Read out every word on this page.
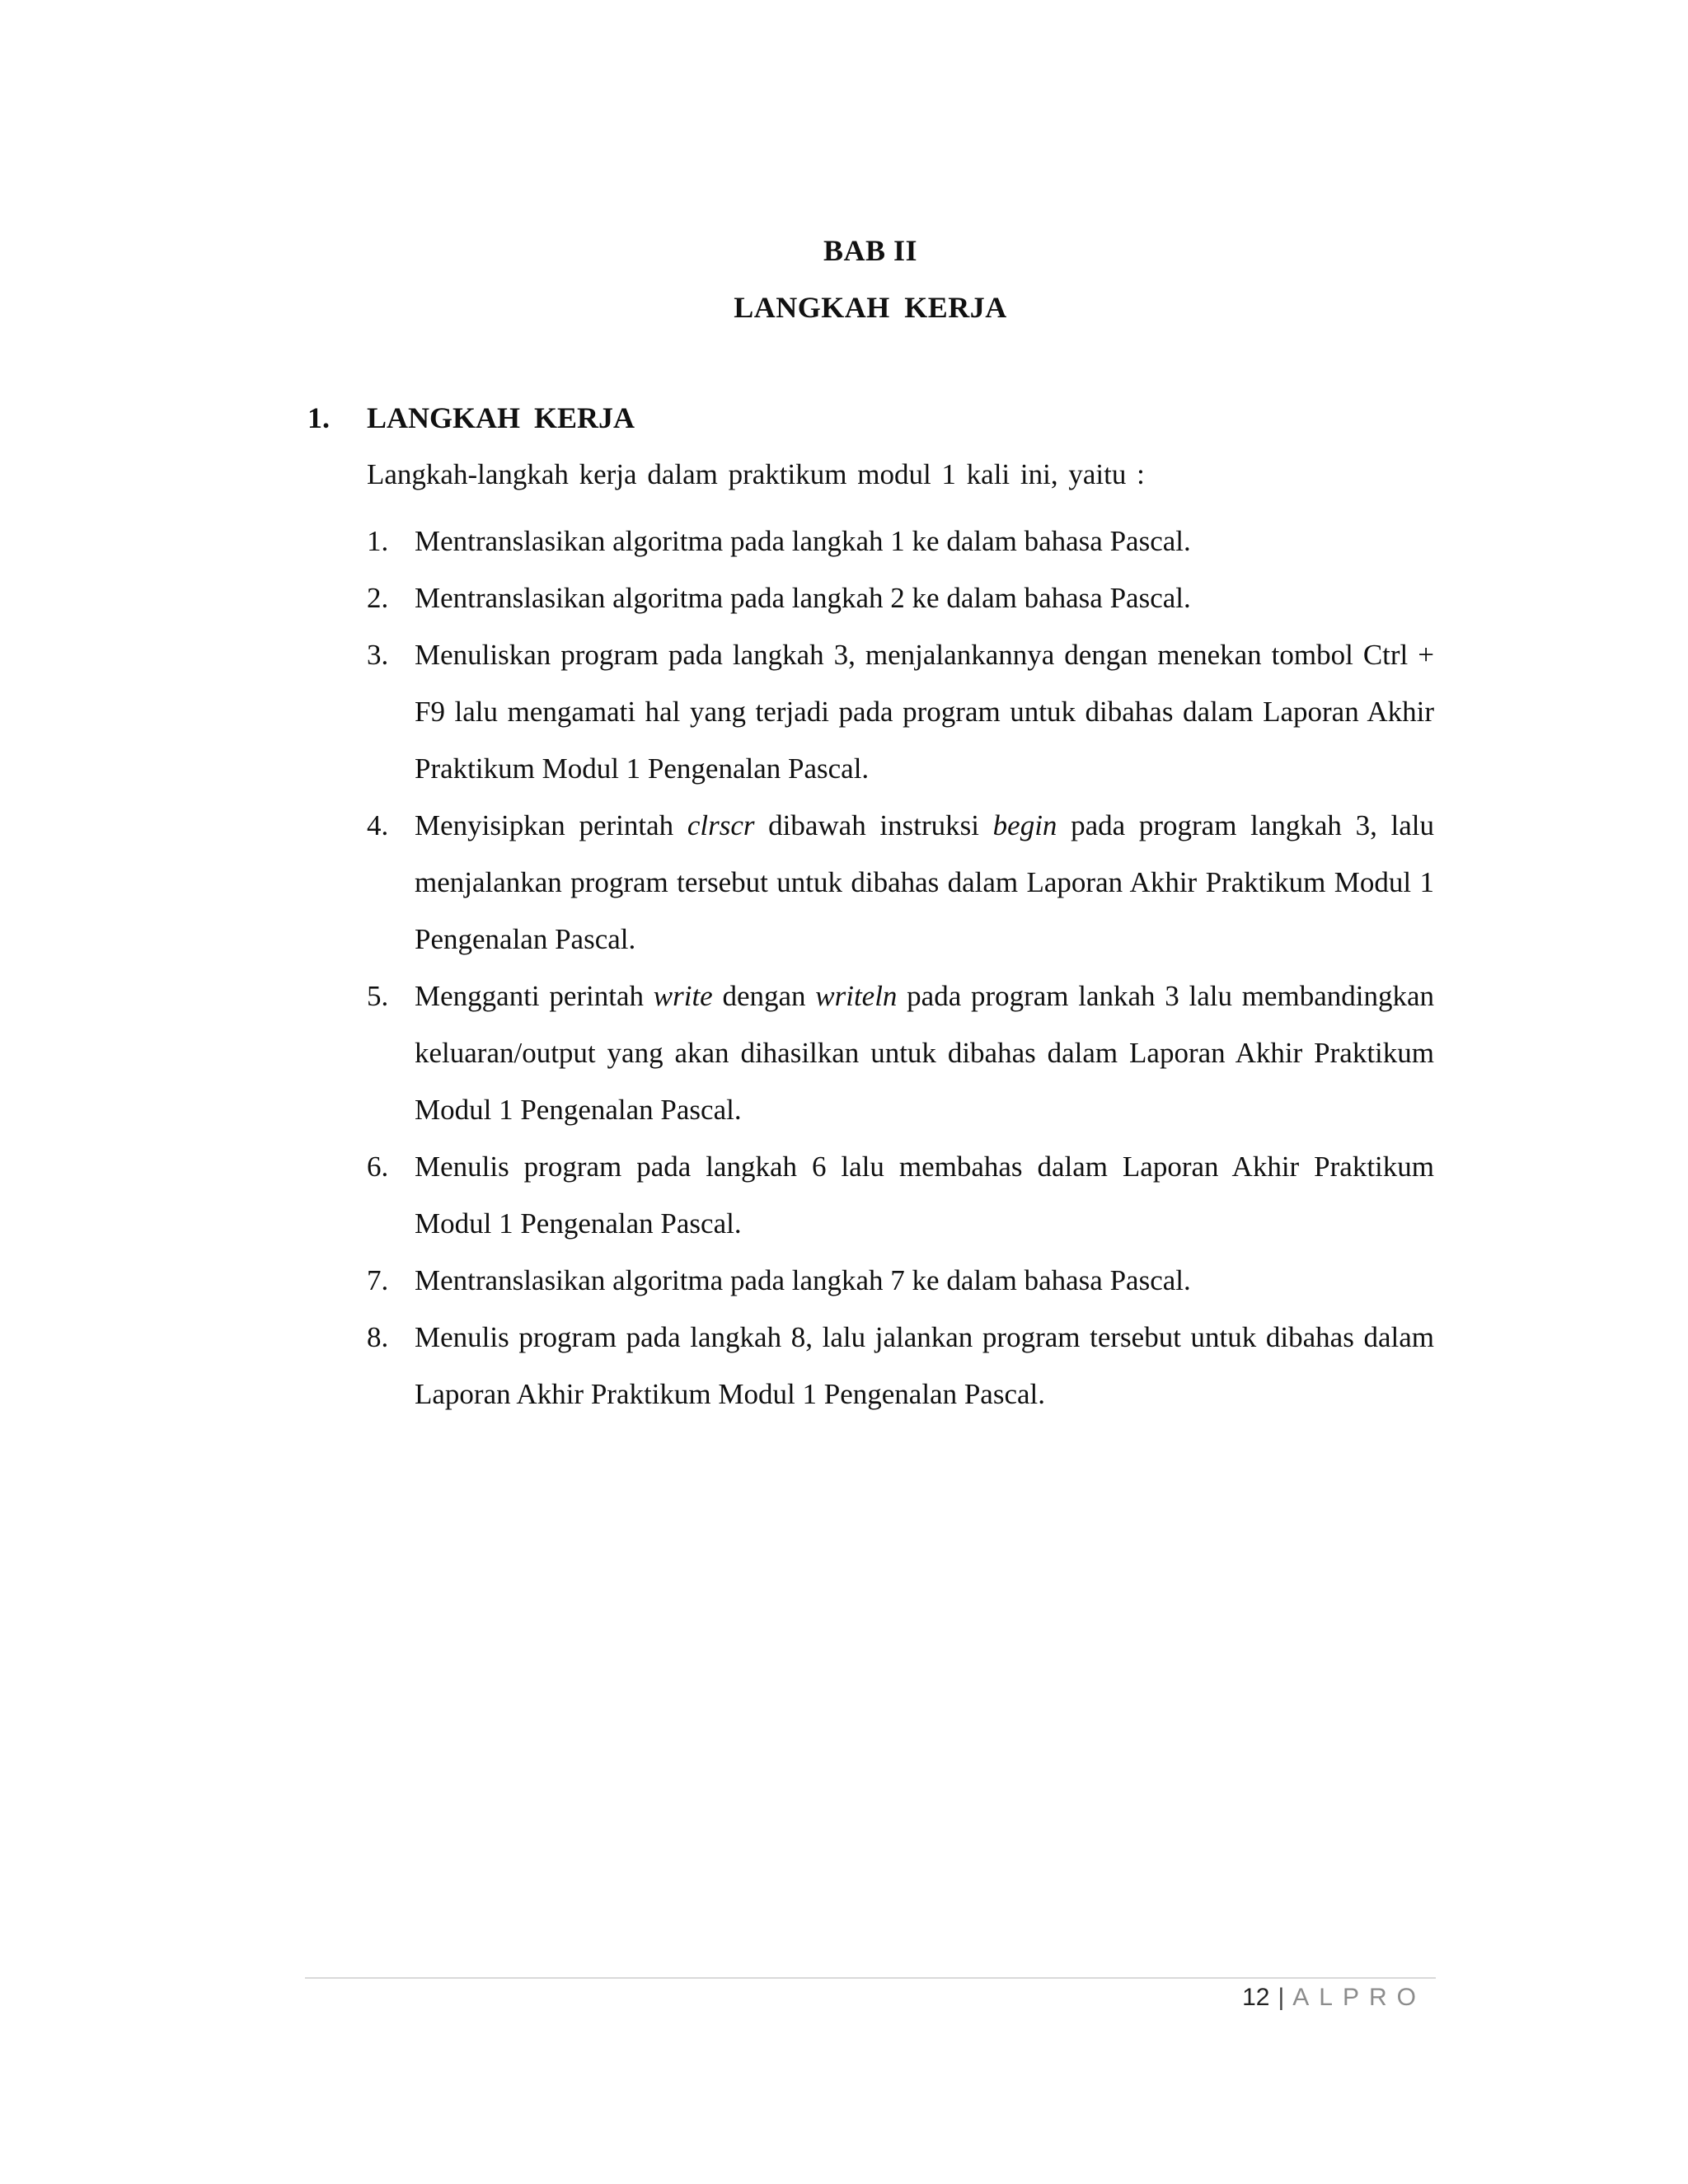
BAB II
LANGKAH KERJA
1.	LANGKAH KERJA
Langkah-langkah kerja dalam praktikum modul 1 kali ini, yaitu :
1. Mentranslasikan algoritma pada langkah 1 ke dalam bahasa Pascal.
2. Mentranslasikan algoritma pada langkah 2 ke dalam bahasa Pascal.
3. Menuliskan program pada langkah 3, menjalankannya dengan menekan tombol Ctrl + F9 lalu mengamati hal yang terjadi pada program untuk dibahas dalam Laporan Akhir Praktikum Modul 1 Pengenalan Pascal.
4. Menyisipkan perintah clrscr dibawah instruksi begin pada program langkah 3, lalu menjalankan program tersebut untuk dibahas dalam Laporan Akhir Praktikum Modul 1 Pengenalan Pascal.
5. Mengganti perintah write dengan writeln pada program lankah 3 lalu membandingkan keluaran/output yang akan dihasilkan untuk dibahas dalam Laporan Akhir Praktikum Modul 1 Pengenalan Pascal.
6. Menulis program pada langkah 6 lalu membahas dalam Laporan Akhir Praktikum Modul 1 Pengenalan Pascal.
7. Mentranslasikan algoritma pada langkah 7 ke dalam bahasa Pascal.
8. Menulis program pada langkah 8, lalu jalankan program tersebut untuk dibahas dalam Laporan Akhir Praktikum Modul 1 Pengenalan Pascal.
12 | ALPRO
